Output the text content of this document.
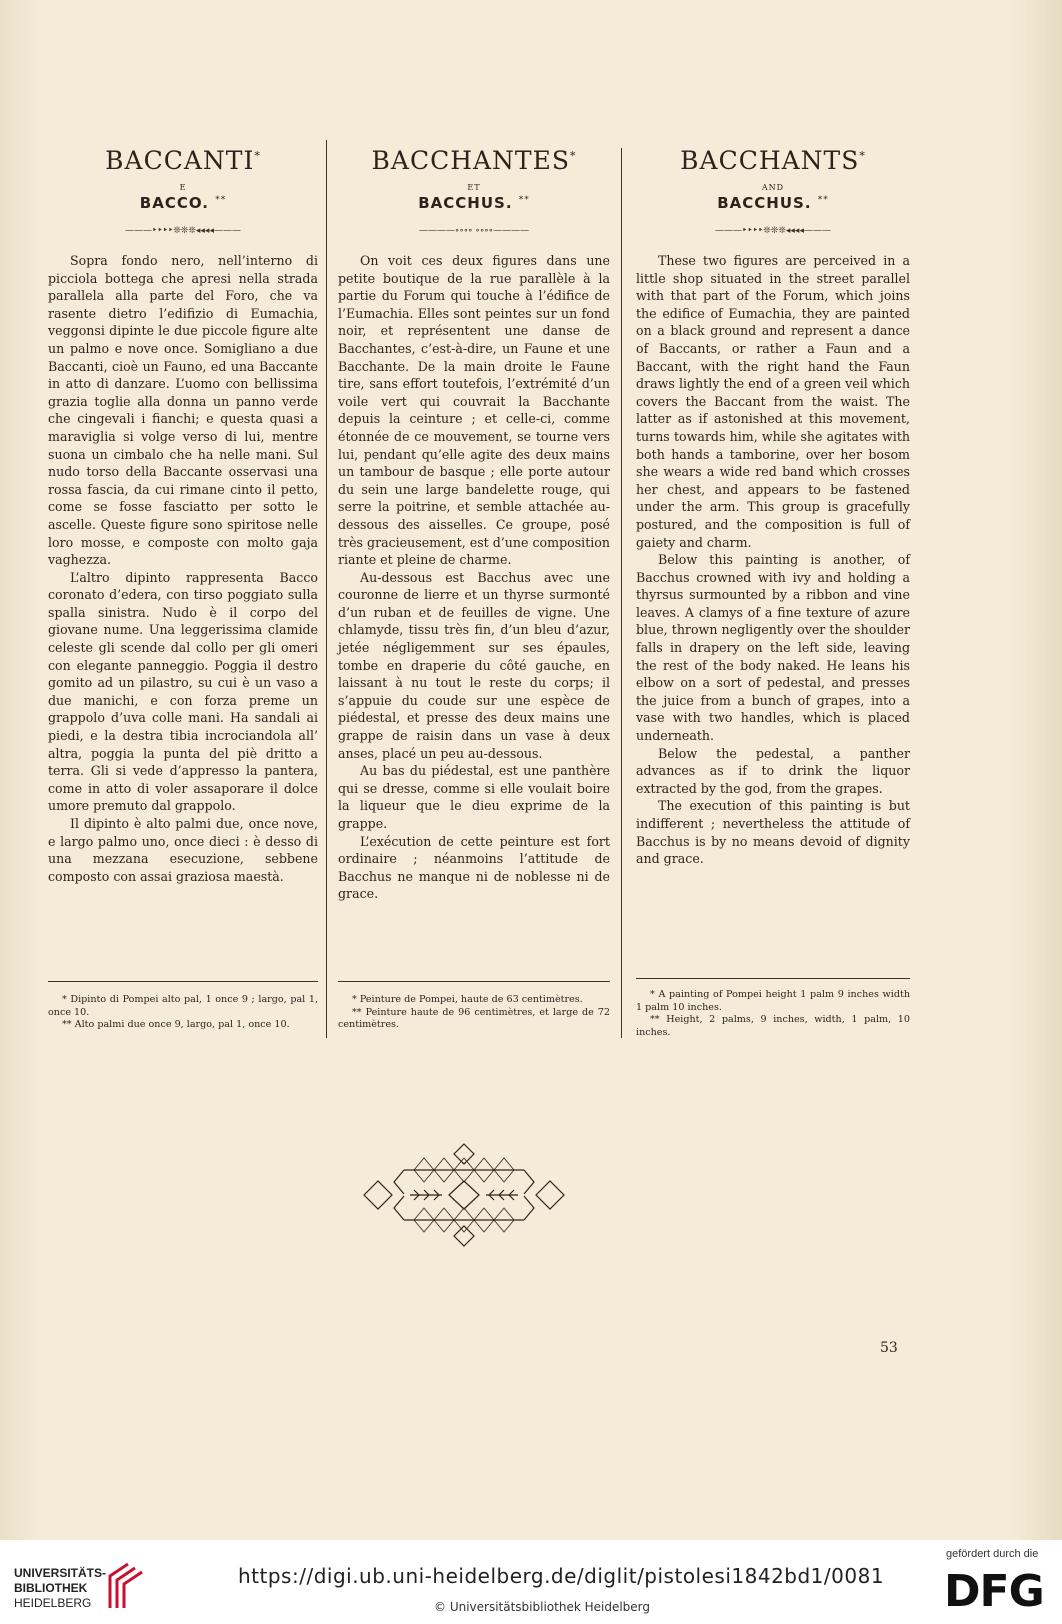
BACCANTI*
E
BACCO. **
———‣‣‣‣❊❊❊◂◂◂◂———

Sopra fondo nero, nell’interno di picciola bottega che apresi nella strada parallela alla parte del Foro, che va rasente dietro l’edifizio di Eumachia, veggonsi dipinte le due piccole figure alte un palmo e nove once. Somigliano a due Baccanti, cioè un Fauno, ed una Baccante in atto di danzare. L’uomo con bellissima grazia toglie alla donna un panno verde che cingevali i fianchi; e questa quasi a maraviglia si volge verso di lui, mentre suona un cimbalo che ha nelle mani. Sul nudo torso della Baccante osservasi una rossa fascia, da cui rimane cinto il petto, come se fosse fasciatto per sotto le ascelle. Queste figure sono spiritose nelle loro mosse, e composte con molto gaja vaghezza.

L’altro dipinto rappresenta Bacco coronato d’edera, con tirso poggiato sulla spalla sinistra. Nudo è il corpo del giovane nume. Una leggerissima clamide celeste gli scende dal collo per gli omeri con elegante panneggio. Poggia il destro gomito ad un pilastro, su cui è un vaso a due manichi, e con forza preme un grappolo d’uva colle mani. Ha sandali ai piedi, e la destra tibia incrociandola all’ altra, poggia la punta del piè dritto a terra. Gli si vede d’appresso la pantera, come in atto di voler assaporare il dolce umore premuto dal grappolo.

Il dipinto è alto palmi due, once nove, e largo palmo uno, once dieci : è desso di una mezzana esecuzione, sebbene composto con assai graziosa maestà.

BACCHANTES*
ET
BACCHUS. **
————∘∘∘∘ ∘∘∘∘————

On voit ces deux figures dans une petite boutique de la rue parallèle à la partie du Forum qui touche à l’édifice de l’Eumachia. Elles sont peintes sur un fond noir, et représentent une danse de Bacchantes, c’est-à-dire, un Faune et une Bacchante. De la main droite le Faune tire, sans effort toutefois, l’extrémité d’un voile vert qui couvrait la Bacchante depuis la ceinture ; et celle-ci, comme étonnée de ce mouvement, se tourne vers lui, pendant qu’elle agite des deux mains un tambour de basque ; elle porte autour du sein une large bandelette rouge, qui serre la poitrine, et semble attachée au-dessous des aisselles. Ce groupe, posé très gracieusement, est d’une composition riante et pleine de charme.

Au-dessous est Bacchus avec une couronne de lierre et un thyrse surmonté d’un ruban et de feuilles de vigne. Une chlamyde, tissu très fin, d’un bleu d’azur, jetée négligemment sur ses épaules, tombe en draperie du côté gauche, en laissant à nu tout le reste du corps; il s’appuie du coude sur une espèce de piédestal, et presse des deux mains une grappe de raisin dans un vase à deux anses, placé un peu au-dessous.

Au bas du piédestal, est une panthère qui se dresse, comme si elle voulait boire la liqueur que le dieu exprime de la grappe.

L’exécution de cette peinture est fort ordinaire ; néanmoins l’attitude de Bacchus ne manque ni de noblesse ni de grace.

BACCHANTS*
AND
BACCHUS. **
———‣‣‣‣❊❊❊◂◂◂◂———

These two figures are perceived in a little shop situated in the street parallel with that part of the Forum, which joins the edifice of Eumachia, they are painted on a black ground and represent a dance of Baccants, or rather a Faun and a Baccant, with the right hand the Faun draws lightly the end of a green veil which covers the Baccant from the waist. The latter as if astonished at this movement, turns towards him, while she agitates with both hands a tamborine, over her bosom she wears a wide red band which crosses her chest, and appears to be fastened under the arm. This group is gracefully postured, and the composition is full of gaiety and charm.

Below this painting is another, of Bacchus crowned with ivy and holding a thyrsus surmounted by a ribbon and vine leaves. A clamys of a fine texture of azure blue, thrown negligently over the shoulder falls in drapery on the left side, leaving the rest of the body naked. He leans his elbow on a sort of pedestal, and presses the juice from a bunch of grapes, into a vase with two handles, which is placed underneath.

Below the pedestal, a panther advances as if to drink the liquor extracted by the god, from the grapes.

The execution of this painting is but indifferent ; nevertheless the attitude of Bacchus is by no means devoid of dignity and grace.

* Dipinto di Pompei alto pal, 1 once 9 ; largo, pal 1, once 10.

** Alto palmi due once 9, largo, pal 1, once 10.

* Peinture de Pompei, haute de 63 centimètres.

** Peinture haute de 96 centimètres, et large de 72 centimètres.

* A painting of Pompei height 1 palm 9 inches width 1 palm 10 inches.

** Height, 2 palms, 9 inches, width, 1 palm, 10 inches.

53
UNIVERSITÄTS-
BIBLIOTHEK
HEIDELBERG
https://digi.ub.uni-heidelberg.de/diglit/pistolesi1842bd1/0081
© Universitätsbibliothek Heidelberg
gefördert durch die
DFG
